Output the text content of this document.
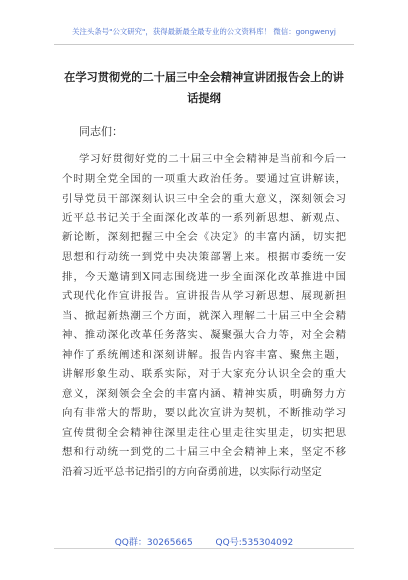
关注头条号"公文研究"，获得最新最全最专业的公文资料库！ 微信：gongwenyj
在学习贯彻党的二十届三中全会精神宣讲团报告会上的讲
话提纲
同志们：
学习好贯彻好党的二十届三中全会精神是当前和今后一
个时期全党全国的一项重大政治任务。要通过宣讲解读，
引导党员干部深刻认识三中全会的重大意义，深刻领会习
近平总书记关于全面深化改革的一系列新思想、新观点、
新论断，深刻把握三中全会《决定》的丰富内涵，切实把
思想和行动统一到党中央决策部署上来。根据市委统一安
排，今天邀请到X同志围绕进一步全面深化改革推进中国
式现代化作宣讲报告。宣讲报告从学习新思想、展现新担
当、掀起新热潮三个方面，就深入理解二十届三中全会精
神、推动深化改革任务落实、凝聚强大合力等，对全会精
神作了系统阐述和深刻讲解。报告内容丰富、聚焦主题，
讲解形象生动、联系实际，对于大家充分认识全会的重大
意义，深刻领会全会的丰富内涵、精神实质，明确努力方
向有非常大的帮助，要以此次宣讲为契机，不断推动学习
宣传贯彻全会精神往深里走往心里走往实里走，切实把思
想和行动统一到党的二十届三中全会精神上来，坚定不移
沿着习近平总书记指引的方向奋勇前进，以实际行动坚定
QQ群：30265665        QQ号:535304092
